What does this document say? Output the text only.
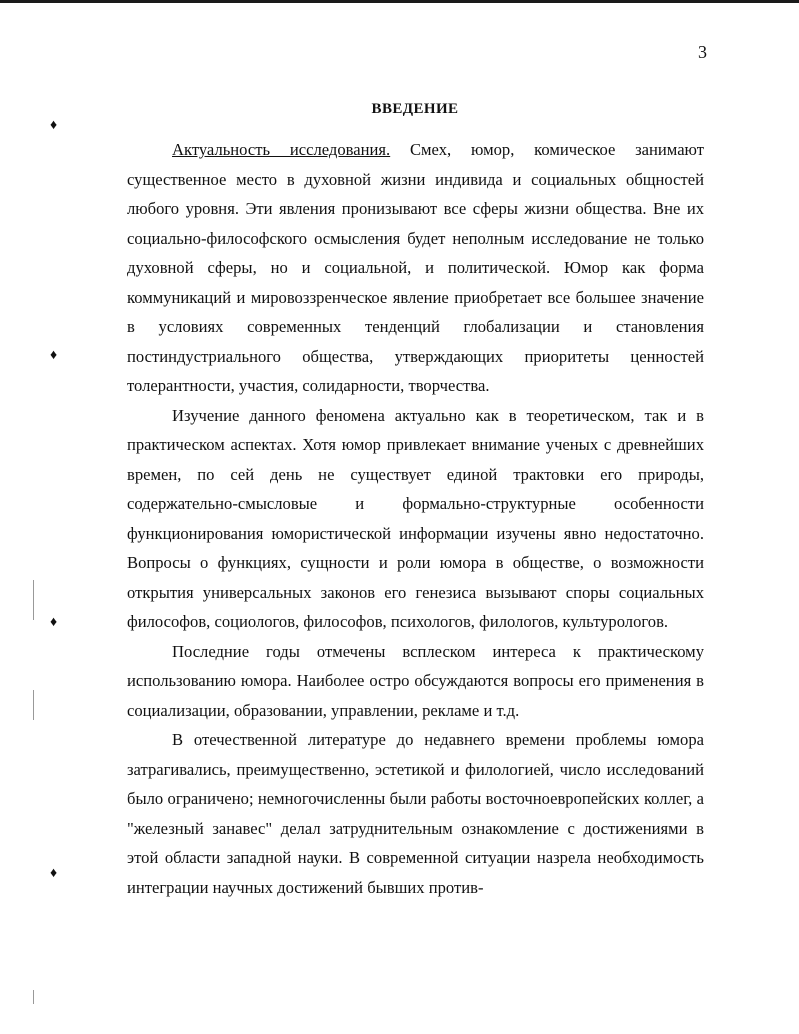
♦
♦
♦
♦
3
ВВЕДЕНИЕ

Актуальность исследования. Смех, юмор, комическое занимают существенное место в духовной жизни индивида и социальных общностей любого уровня. Эти явления пронизывают все сферы жизни общества. Вне их социально-философского осмысления будет неполным исследование не только духовной сферы, но и социальной, и политической. Юмор как форма коммуникаций и мировоззренческое явление приобретает все большее значение в условиях современных тенденций глобализации и становления постиндустриального общества, утверждающих приоритеты ценностей толерантности, участия, солидарности, творчества.

Изучение данного феномена актуально как в теоретическом, так и в практическом аспектах. Хотя юмор привлекает внимание ученых с древнейших времен, по сей день не существует единой трактовки его природы, содержательно-смысловые и формально-структурные особенности функционирования юмористической информации изучены явно недостаточно. Вопросы о функциях, сущности и роли юмора в обществе, о возможности открытия универсальных законов его генезиса вызывают споры социальных философов, социологов, философов, психологов, филологов, культурологов.

Последние годы отмечены всплеском интереса к практическому использованию юмора. Наиболее остро обсуждаются вопросы его применения в социализации, образовании, управлении, рекламе и т.д.

В отечественной литературе до недавнего времени проблемы юмора затрагивались, преимущественно, эстетикой и филологией, число исследований было ограничено; немногочисленны были работы восточноевропейских коллег, а "железный занавес" делал затруднительным ознакомление с достижениями в этой области западной науки. В современной ситуации назрела необходимость интеграции научных достижений бывших против-
